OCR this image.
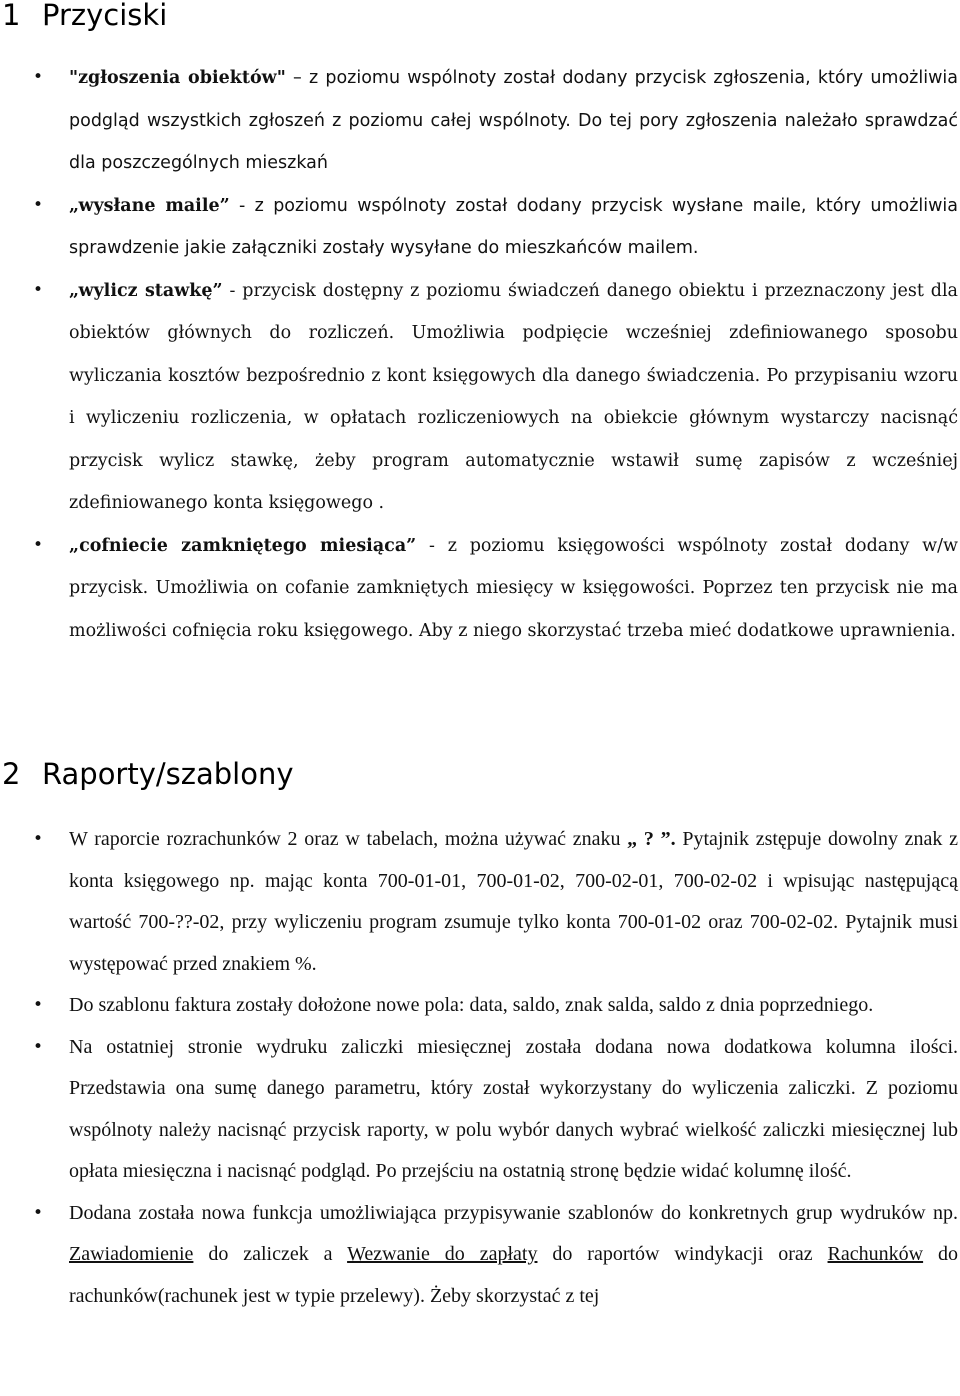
1 Przyciski
• "zgłoszenia obiektów" – z poziomu wspólnoty został dodany przycisk zgłoszenia, który umożliwia podgląd wszystkich zgłoszeń z poziomu całej wspólnoty. Do tej pory zgłoszenia należało sprawdzać dla poszczególnych mieszkań
• „wysłane maile” - z poziomu wspólnoty został dodany przycisk wysłane maile, który umożliwia sprawdzenie jakie załączniki zostały wysyłane do mieszkańców mailem.
• „wylicz stawkę” - przycisk dostępny z poziomu świadczeń danego obiektu i przeznaczony jest dla obiektów głównych do rozliczeń. Umożliwia podpięcie wcześniej zdefiniowanego sposobu wyliczania kosztów bezpośrednio z kont księgowych dla danego świadczenia. Po przypisaniu wzoru i wyliczeniu rozliczenia, w opłatach rozliczeniowych na obiekcie głównym wystarczy nacisnąć przycisk wylicz stawkę, żeby program automatycznie wstawił sumę zapisów z wcześniej zdefiniowanego konta księgowego .
• „cofniecie zamkniętego miesiąca” - z poziomu księgowości wspólnoty został dodany w/w przycisk. Umożliwia on cofanie zamkniętych miesięcy w księgowości. Poprzez ten przycisk nie ma możliwości cofnięcia roku księgowego. Aby z niego skorzystać trzeba mieć dodatkowe uprawnienia.
2 Raporty/szablony
• W raporcie rozrachunków 2 oraz w tabelach, można używać znaku „ ? ”. Pytajnik zstępuje dowolny znak z konta księgowego np. mając konta 700-01-01, 700-01-02, 700-02-01, 700-02-02 i wpisując następującą wartość 700-??-02, przy wyliczeniu program zsumuje tylko konta 700-01-02 oraz 700-02-02. Pytajnik musi występować przed znakiem %.
• Do szablonu faktura zostały dołożone nowe pola: data, saldo, znak salda, saldo z dnia poprzedniego.
• Na ostatniej stronie wydruku zaliczki miesięcznej została dodana nowa dodatkowa kolumna ilości. Przedstawia ona sumę danego parametru, który został wykorzystany do wyliczenia zaliczki. Z poziomu wspólnoty należy nacisnąć przycisk raporty, w polu wybór danych wybrać wielkość zaliczki miesięcznej lub opłata miesięczna i nacisnąć podgląd. Po przejściu na ostatnią stronę będzie widać kolumnę ilość.
• Dodana została nowa funkcja umożliwiająca przypisywanie szablonów do konkretnych grup wydruków np. Zawiadomienie do zaliczek a Wezwanie do zapłaty do raportów windykacji oraz Rachunków do rachunków(rachunek jest w typie przelewy). Żeby skorzystać z tej
